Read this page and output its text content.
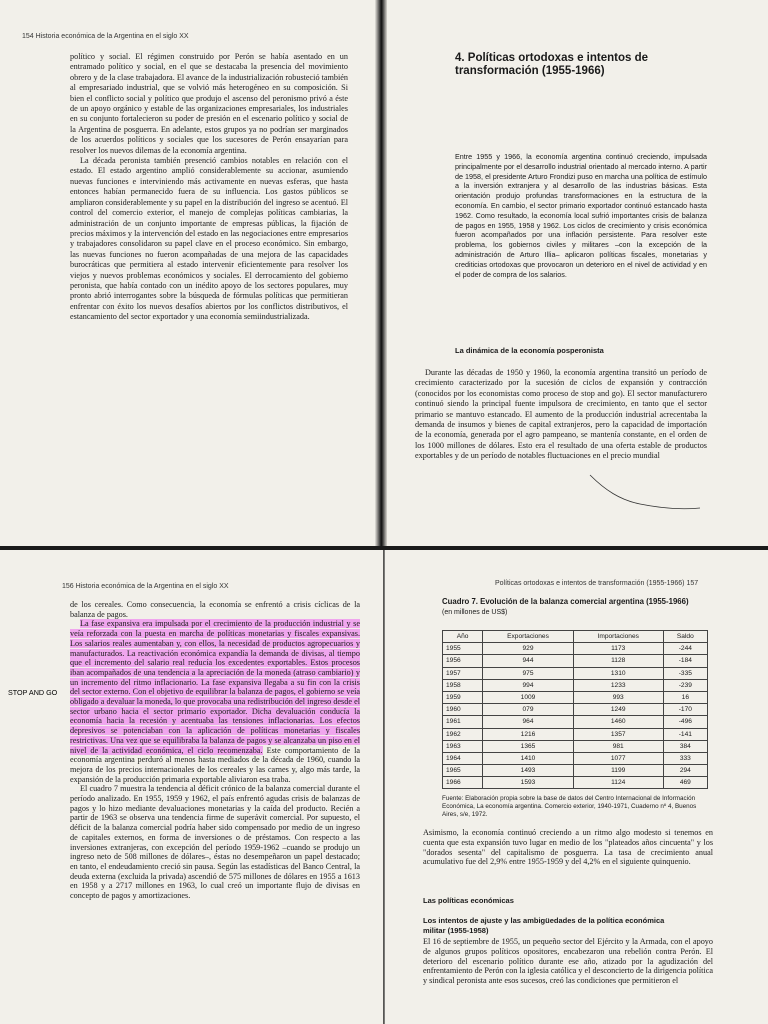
154 Historia económica de la Argentina en el siglo XX

político y social. El régimen construido por Perón se había asentado en un entramado político y social, en el que se destacaba la presencia del movimiento obrero y de la clase trabajadora. El avance de la industrialización robusteció también al empresariado industrial, que se volvió más heterogéneo en su composición. Si bien el conflicto social y político que produjo el ascenso del peronismo privó a éste de un apoyo orgánico y estable de las organizaciones empresariales, los industriales en su conjunto fortalecieron su poder de presión en el escenario político y social de la Argentina de posguerra. En adelante, estos grupos ya no podrían ser marginados de los acuerdos políticos y sociales que los sucesores de Perón ensayarían para resolver los nuevos dilemas de la economía argentina.

La década peronista también presenció cambios notables en relación con el estado. El estado argentino amplió considerablemente su accionar, asumiendo nuevas funciones e interviniendo más activamente en nuevas esferas, que hasta entonces habían permanecido fuera de su influencia. Los gastos públicos se ampliaron considerablemente y su papel en la distribución del ingreso se acentuó. El control del comercio exterior, el manejo de complejas políticas cambiarias, la administración de un conjunto importante de empresas públicas, la fijación de precios máximos y la intervención del estado en las negociaciones entre empresarios y trabajadores consolidaron su papel clave en el proceso económico. Sin embargo, las nuevas funciones no fueron acompañadas de una mejora de las capacidades burocráticas que permitiera al estado intervenir eficientemente para resolver los viejos y nuevos problemas económicos y sociales. El derrocamiento del gobierno peronista, que había contado con un inédito apoyo de los sectores populares, muy pronto abrió interrogantes sobre la búsqueda de fórmulas políticas que permitieran enfrentar con éxito los nuevos desafíos abiertos por los conflictos distributivos, el estancamiento del sector exportador y una economía semiindustrializada.

4. Políticas ortodoxas e intentos de transformación (1955-1966)
Entre 1955 y 1966, la economía argentina continuó creciendo, impulsada principalmente por el desarrollo industrial orientado al mercado interno. A partir de 1958, el presidente Arturo Frondizi puso en marcha una política de estímulo a la inversión extranjera y al desarrollo de las industrias básicas. Esta orientación produjo profundas transformaciones en la estructura de la economía. En cambio, el sector primario exportador continuó estancado hasta 1962. Como resultado, la economía local sufrió importantes crisis de balanza de pagos en 1955, 1958 y 1962. Los ciclos de crecimiento y crisis económica fueron acompañados por una inflación persistente. Para resolver este problema, los gobiernos civiles y militares –con la excepción de la administración de Arturo Illia– aplicaron políticas fiscales, monetarias y crediticias ortodoxas que provocaron un deterioro en el nivel de actividad y en el poder de compra de los salarios.
La dinámica de la economía posperonista

Durante las décadas de 1950 y 1960, la economía argentina transitó un período de crecimiento caracterizado por la sucesión de ciclos de expansión y contracción (conocidos por los economistas como proceso de stop and go). El sector manufacturero continuó siendo la principal fuente impulsora de crecimiento, en tanto que el sector primario se mantuvo estancado. El aumento de la producción industrial acrecentaba la demanda de insumos y bienes de capital extranjeros, pero la capacidad de importación de la economía, generada por el agro pampeano, se mantenía constante, en el orden de los 1000 millones de dólares. Esto era el resultado de una oferta estable de productos exportables y de un período de notables fluctuaciones en el precio mundial

156 Historia económica de la Argentina en el siglo XX

de los cereales. Como consecuencia, la economía se enfrentó a crisis cíclicas de la balanza de pagos.

La fase expansiva era impulsada por el crecimiento de la producción industrial y se veía reforzada con la puesta en marcha de políticas monetarias y fiscales expansivas. Los salarios reales aumentaban y, con ellos, la necesidad de productos agropecuarios y manufacturados. La reactivación económica expandía la demanda de divisas, al tiempo que el incremento del salario real reducía los excedentes exportables. Estos procesos iban acompañados de una tendencia a la apreciación de la moneda (atraso cambiario) y un incremento del ritmo inflacionario. La fase expansiva llegaba a su fin con la crisis del sector externo. Con el objetivo de equilibrar la balanza de pagos, el gobierno se veía obligado a devaluar la moneda, lo que provocaba una redistribución del ingreso desde el sector urbano hacia el sector primario exportador. Dicha devaluación conducía la economía hacia la recesión y acentuaba las tensiones inflacionarias. Los efectos depresivos se potenciaban con la aplicación de políticas monetarias y fiscales restrictivas. Una vez que se equilibraba la balanza de pagos y se alcanzaba un piso en el nivel de la actividad económica, el ciclo recomenzaba. Este comportamiento de la economía argentina perduró al menos hasta mediados de la década de 1960, cuando la mejora de los precios internacionales de los cereales y las carnes y, algo más tarde, la expansión de la producción primaria exportable aliviaron esa traba.

El cuadro 7 muestra la tendencia al déficit crónico de la balanza comercial durante el período analizado. En 1955, 1959 y 1962, el país enfrentó agudas crisis de balanzas de pagos y lo hizo mediante devaluaciones monetarias y la caída del producto. Recién a partir de 1963 se observa una tendencia firme de superávit comercial. Por supuesto, el déficit de la balanza comercial podría haber sido compensado por medio de un ingreso de capitales externos, en forma de inversiones o de préstamos. Con respecto a las inversiones extranjeras, con excepción del período 1959-1962 –cuando se produjo un ingreso neto de 508 millones de dólares–, éstas no desempeñaron un papel destacado; en tanto, el endeudamiento creció sin pausa. Según las estadísticas del Banco Central, la deuda externa (excluida la privada) ascendió de 575 millones de dólares en 1955 a 1613 en 1958 y a 2717 millones en 1963, lo cual creó un importante flujo de divisas en concepto de pagos y amortizaciones.

STOP AND GO
Políticas ortodoxas e intentos de transformación (1955-1966) 157
Cuadro 7. Evolución de la balanza comercial argentina (1955-1966)
(en millones de US$)
Año	Exportaciones	Importaciones	Saldo
1955	929	1173	-244
1956	944	1128	-184
1957	975	1310	-335
1958	994	1233	-239
1959	1009	993	16
1960	079	1249	-170
1961	964	1460	-496
1962	1216	1357	-141
1963	1365	981	384
1964	1410	1077	333
1965	1493	1199	294
1966	1593	1124	469
Fuente: Elaboración propia sobre la base de datos del Centro Internacional de Información Económica, La economía argentina. Comercio exterior, 1940-1971, Cuaderno nº 4, Buenos Aires, s/e, 1972.

Asimismo, la economía continuó creciendo a un ritmo algo modesto si tenemos en cuenta que esta expansión tuvo lugar en medio de los "plateados años cincuenta" y los "dorados sesenta" del capitalismo de posguerra. La tasa de crecimiento anual acumulativo fue del 2,9% entre 1955-1959 y del 4,2% en el siguiente quinquenio.

Las políticas económicas
Los intentos de ajuste y las ambigüedades de la política económica militar (1955-1958)

El 16 de septiembre de 1955, un pequeño sector del Ejército y la Armada, con el apoyo de algunos grupos políticos opositores, encabezaron una rebelión contra Perón. El deterioro del escenario político durante ese año, atizado por la agudización del enfrentamiento de Perón con la iglesia católica y el desconcierto de la dirigencia política y sindical peronista ante esos sucesos, creó las condiciones que permitieron el
